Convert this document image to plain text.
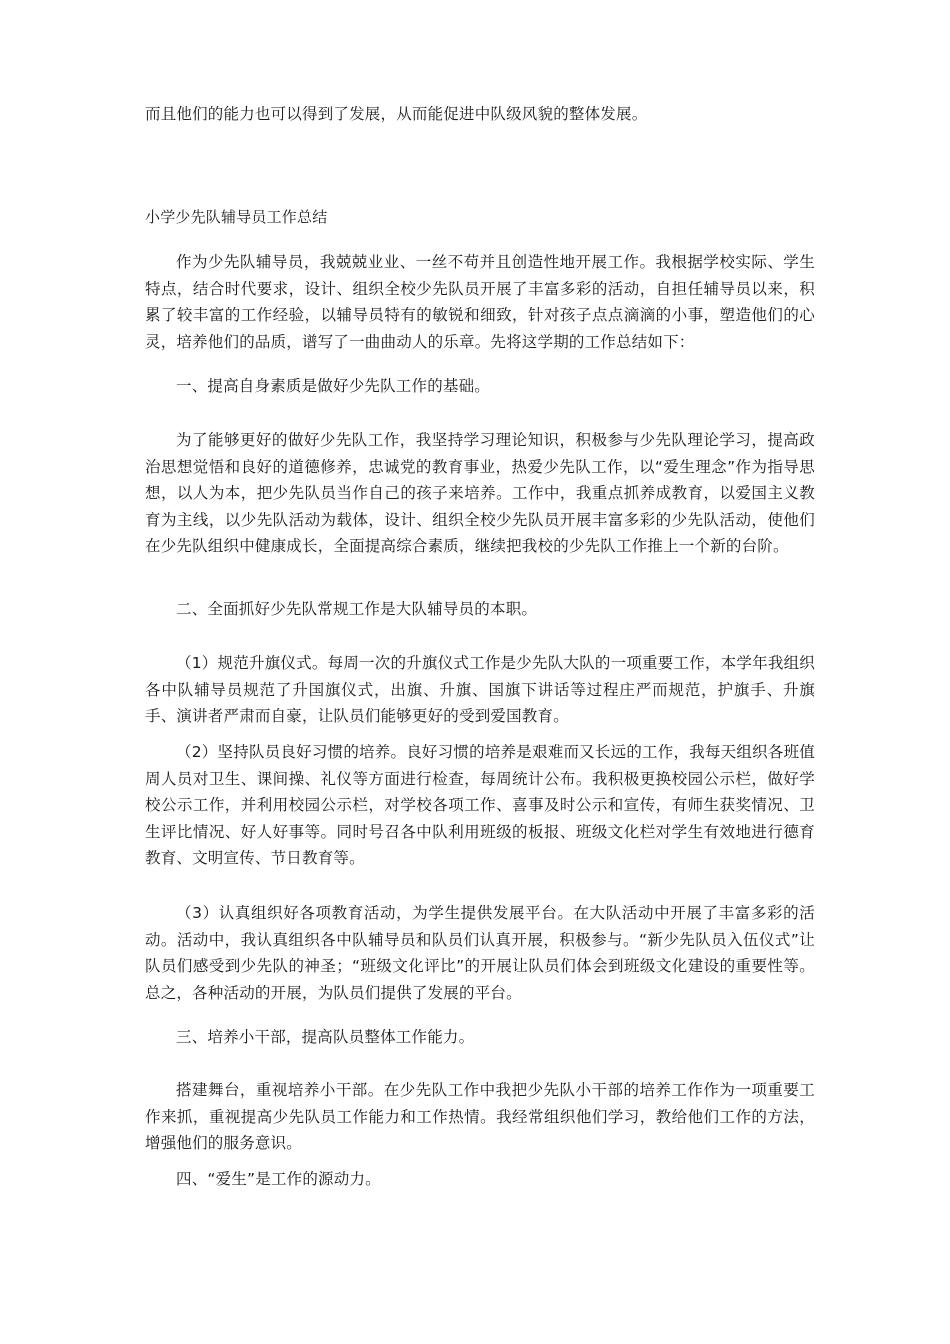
而且他们的能力也可以得到了发展，从而能促进中队级风貌的整体发展。

小学少先队辅导员工作总结

作为少先队辅导员，我兢兢业业、一丝不苟并且创造性地开展工作。我根据学校实际、学生特点，结合时代要求，设计、组织全校少先队员开展了丰富多彩的活动，自担任辅导员以来，积累了较丰富的工作经验，以辅导员特有的敏锐和细致，针对孩子点点滴滴的小事，塑造他们的心灵，培养他们的品质，谱写了一曲曲动人的乐章。先将这学期的工作总结如下：

一、提高自身素质是做好少先队工作的基础。

为了能够更好的做好少先队工作，我坚持学习理论知识，积极参与少先队理论学习，提高政治思想觉悟和良好的道德修养，忠诚党的教育事业，热爱少先队工作，以“爱生理念”作为指导思想，以人为本，把少先队员当作自己的孩子来培养。工作中，我重点抓养成教育，以爱国主义教育为主线，以少先队活动为载体，设计、组织全校少先队员开展丰富多彩的少先队活动，使他们在少先队组织中健康成长，全面提高综合素质，继续把我校的少先队工作推上一个新的台阶。

二、全面抓好少先队常规工作是大队辅导员的本职。

（1）规范升旗仪式。每周一次的升旗仪式工作是少先队大队的一项重要工作，本学年我组织各中队辅导员规范了升国旗仪式，出旗、升旗、国旗下讲话等过程庄严而规范，护旗手、升旗手、演讲者严肃而自豪，让队员们能够更好的受到爱国教育。

（2）坚持队员良好习惯的培养。良好习惯的培养是艰难而又长远的工作，我每天组织各班值周人员对卫生、课间操、礼仪等方面进行检查，每周统计公布。我积极更换校园公示栏，做好学校公示工作，并利用校园公示栏，对学校各项工作、喜事及时公示和宣传，有师生获奖情况、卫生评比情况、好人好事等。同时号召各中队利用班级的板报、班级文化栏对学生有效地进行德育教育、文明宣传、节日教育等。

（3）认真组织好各项教育活动，为学生提供发展平台。在大队活动中开展了丰富多彩的活动。活动中，我认真组织各中队辅导员和队员们认真开展，积极参与。“新少先队员入伍仪式”让队员们感受到少先队的神圣；“班级文化评比”的开展让队员们体会到班级文化建设的重要性等。总之，各种活动的开展，为队员们提供了发展的平台。

三、培养小干部，提高队员整体工作能力。

搭建舞台，重视培养小干部。在少先队工作中我把少先队小干部的培养工作作为一项重要工作来抓，重视提高少先队员工作能力和工作热情。我经常组织他们学习，教给他们工作的方法，增强他们的服务意识。

四、“爱生”是工作的源动力。
